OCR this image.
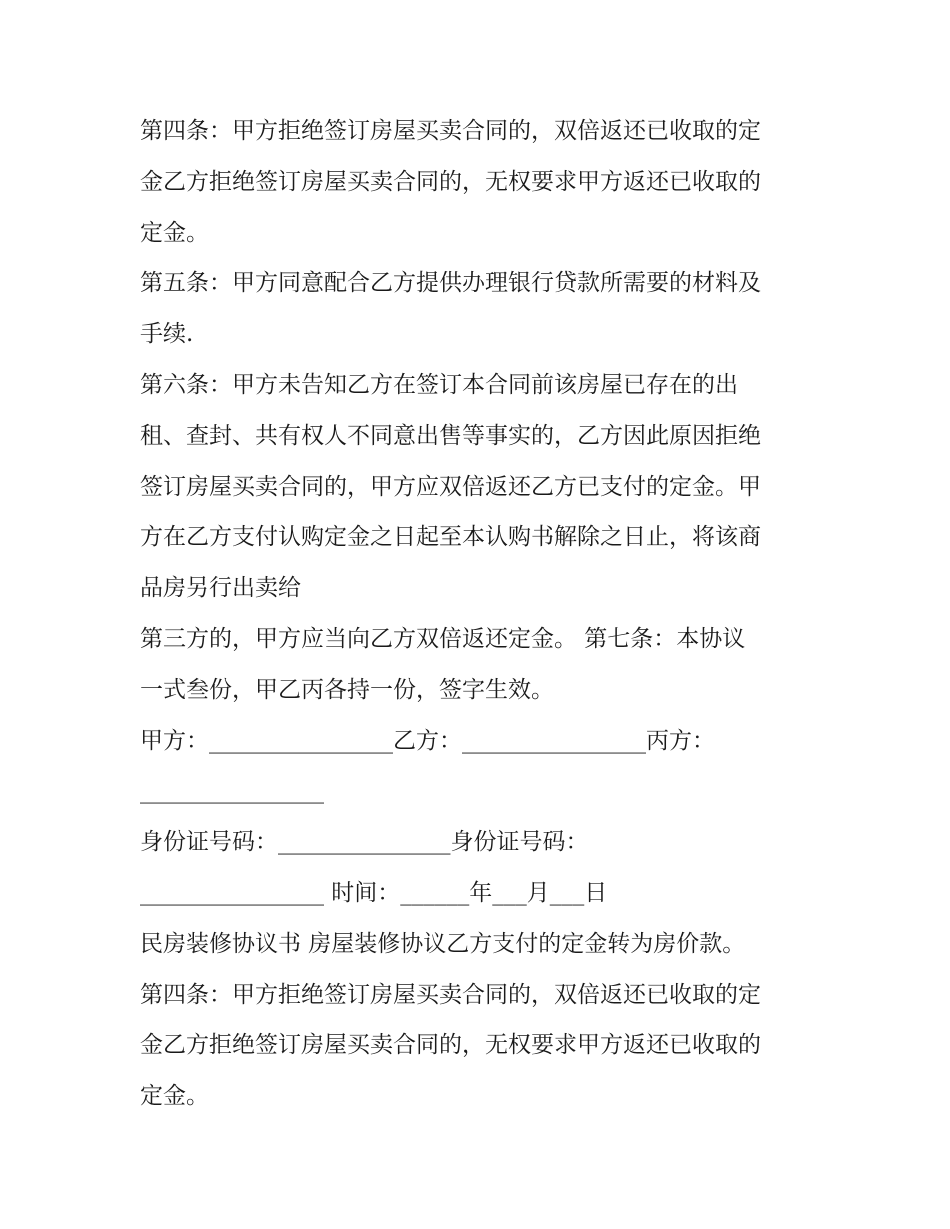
第四条：甲方拒绝签订房屋买卖合同的，双倍返还已收取的定
金乙方拒绝签订房屋买卖合同的，无权要求甲方返还已收取的
定金。
第五条：甲方同意配合乙方提供办理银行贷款所需要的材料及
手续.
第六条：甲方未告知乙方在签订本合同前该房屋已存在的出
租、查封、共有权人不同意出售等事实的，乙方因此原因拒绝
签订房屋买卖合同的，甲方应双倍返还乙方已支付的定金。甲
方在乙方支付认购定金之日起至本认购书解除之日止，将该商
品房另行出卖给
第三方的，甲方应当向乙方双倍返还定金。 第七条：本协议
一式叁份，甲乙丙各持一份，签字生效。
甲方：________________乙方：________________丙方：
________________
身份证号码：_______________身份证号码：
________________ 时间：______年___月___日
民房装修协议书 房屋装修协议乙方支付的定金转为房价款。
第四条：甲方拒绝签订房屋买卖合同的，双倍返还已收取的定
金乙方拒绝签订房屋买卖合同的，无权要求甲方返还已收取的
定金。
